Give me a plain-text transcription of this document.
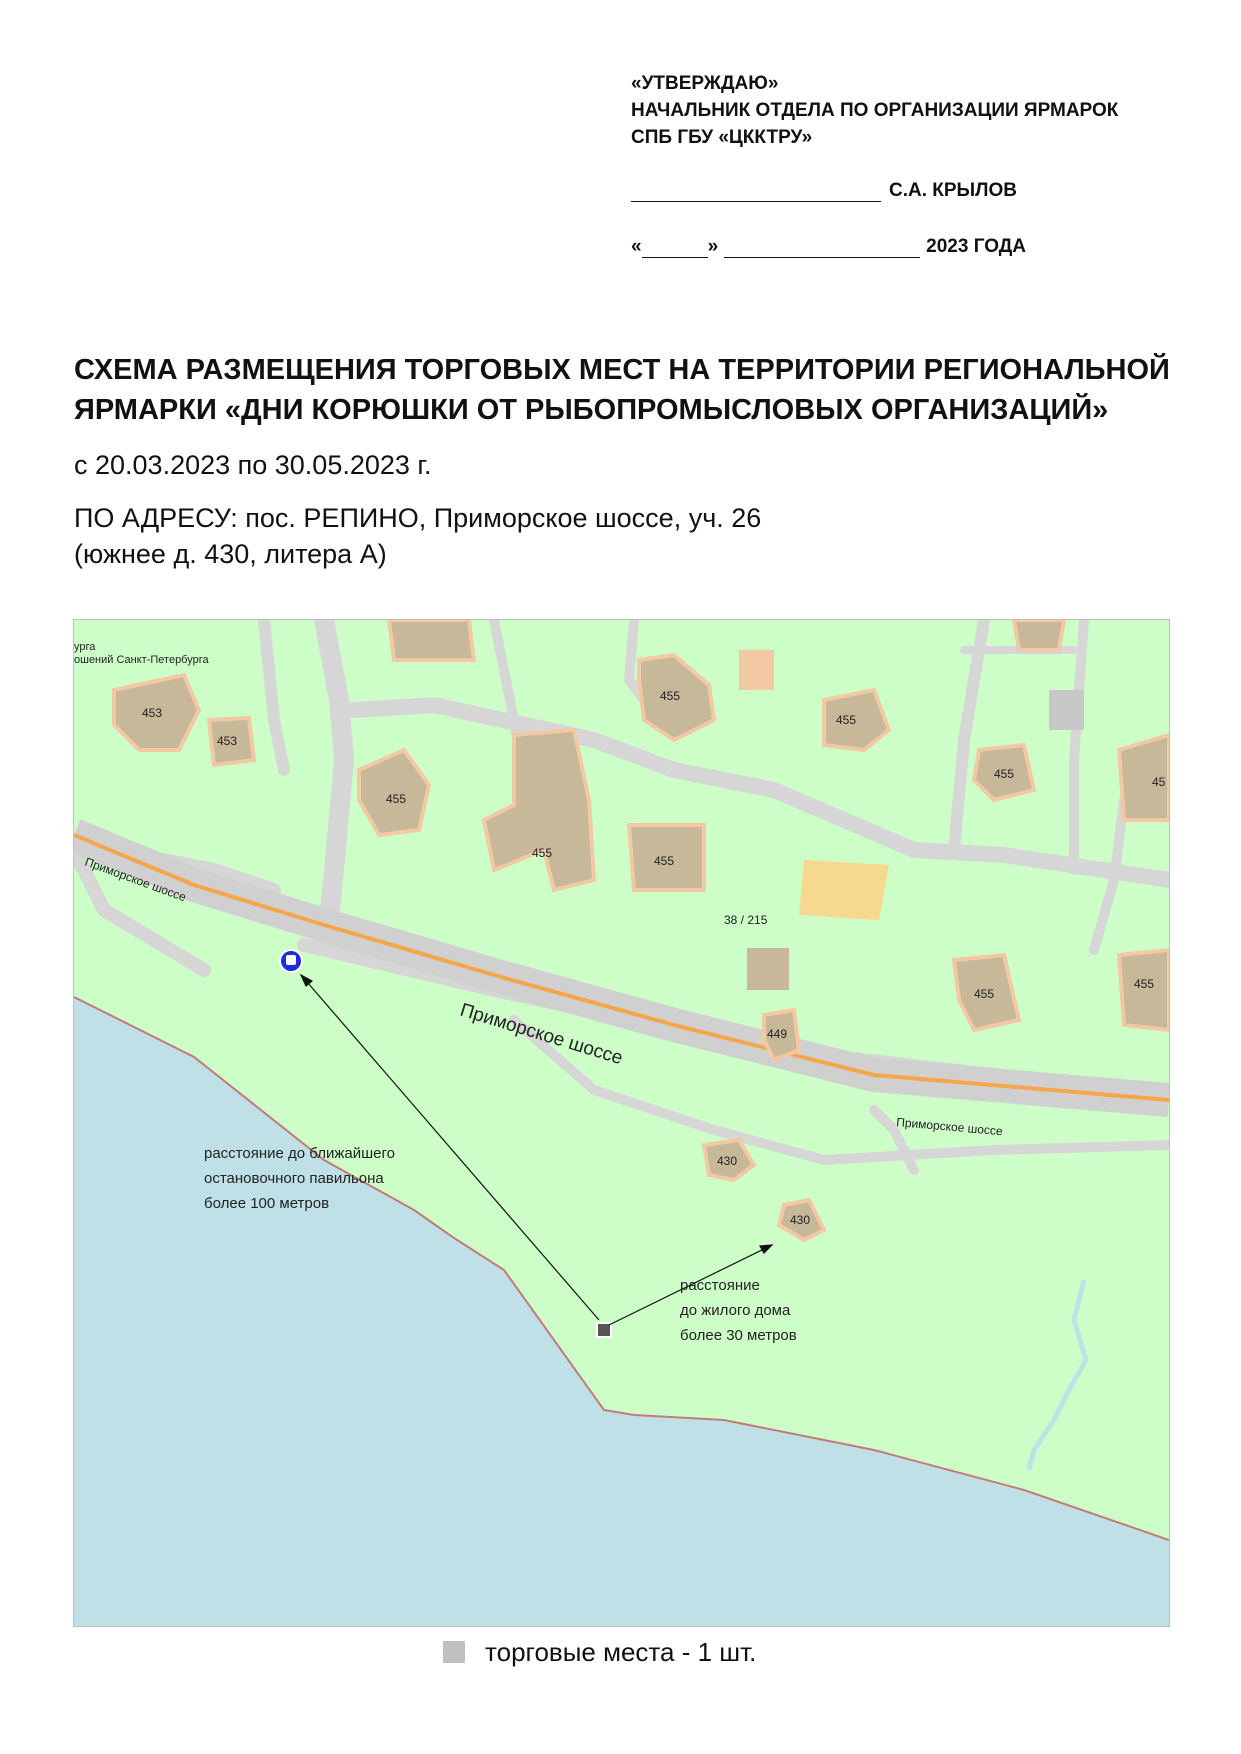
«УТВЕРЖДАЮ»
НАЧАЛЬНИК ОТДЕЛА ПО ОРГАНИЗАЦИИ ЯРМАРОК
СПБ ГБУ «ЦККТРУ»
С.А. КРЫЛОВ
«	»	2023 ГОДА
СХЕМА РАЗМЕЩЕНИЯ ТОРГОВЫХ МЕСТ НА ТЕРРИТОРИИ РЕГИОНАЛЬНОЙ
ЯРМАРКИ «ДНИ КОРЮШКИ ОТ РЫБОПРОМЫСЛОВЫХ ОРГАНИЗАЦИЙ»
с 20.03.2023 по 30.05.2023 г.
ПО АДРЕСУ: пос. РЕПИНО, Приморское шоссе, уч. 26
(южнее д. 430, литера А)
урга
ошений Санкт-Петербурга
Приморское шоссе
Приморское шоссе
Приморское шоссе
38 / 215
453
453
455
455
455
455
455
455
455
455
45
449
430
430
расстояние до ближайшего
остановочного павильона
более 100 метров
расстояние
до жилого дома
более 30 метров
торговые места - 1 шт.
